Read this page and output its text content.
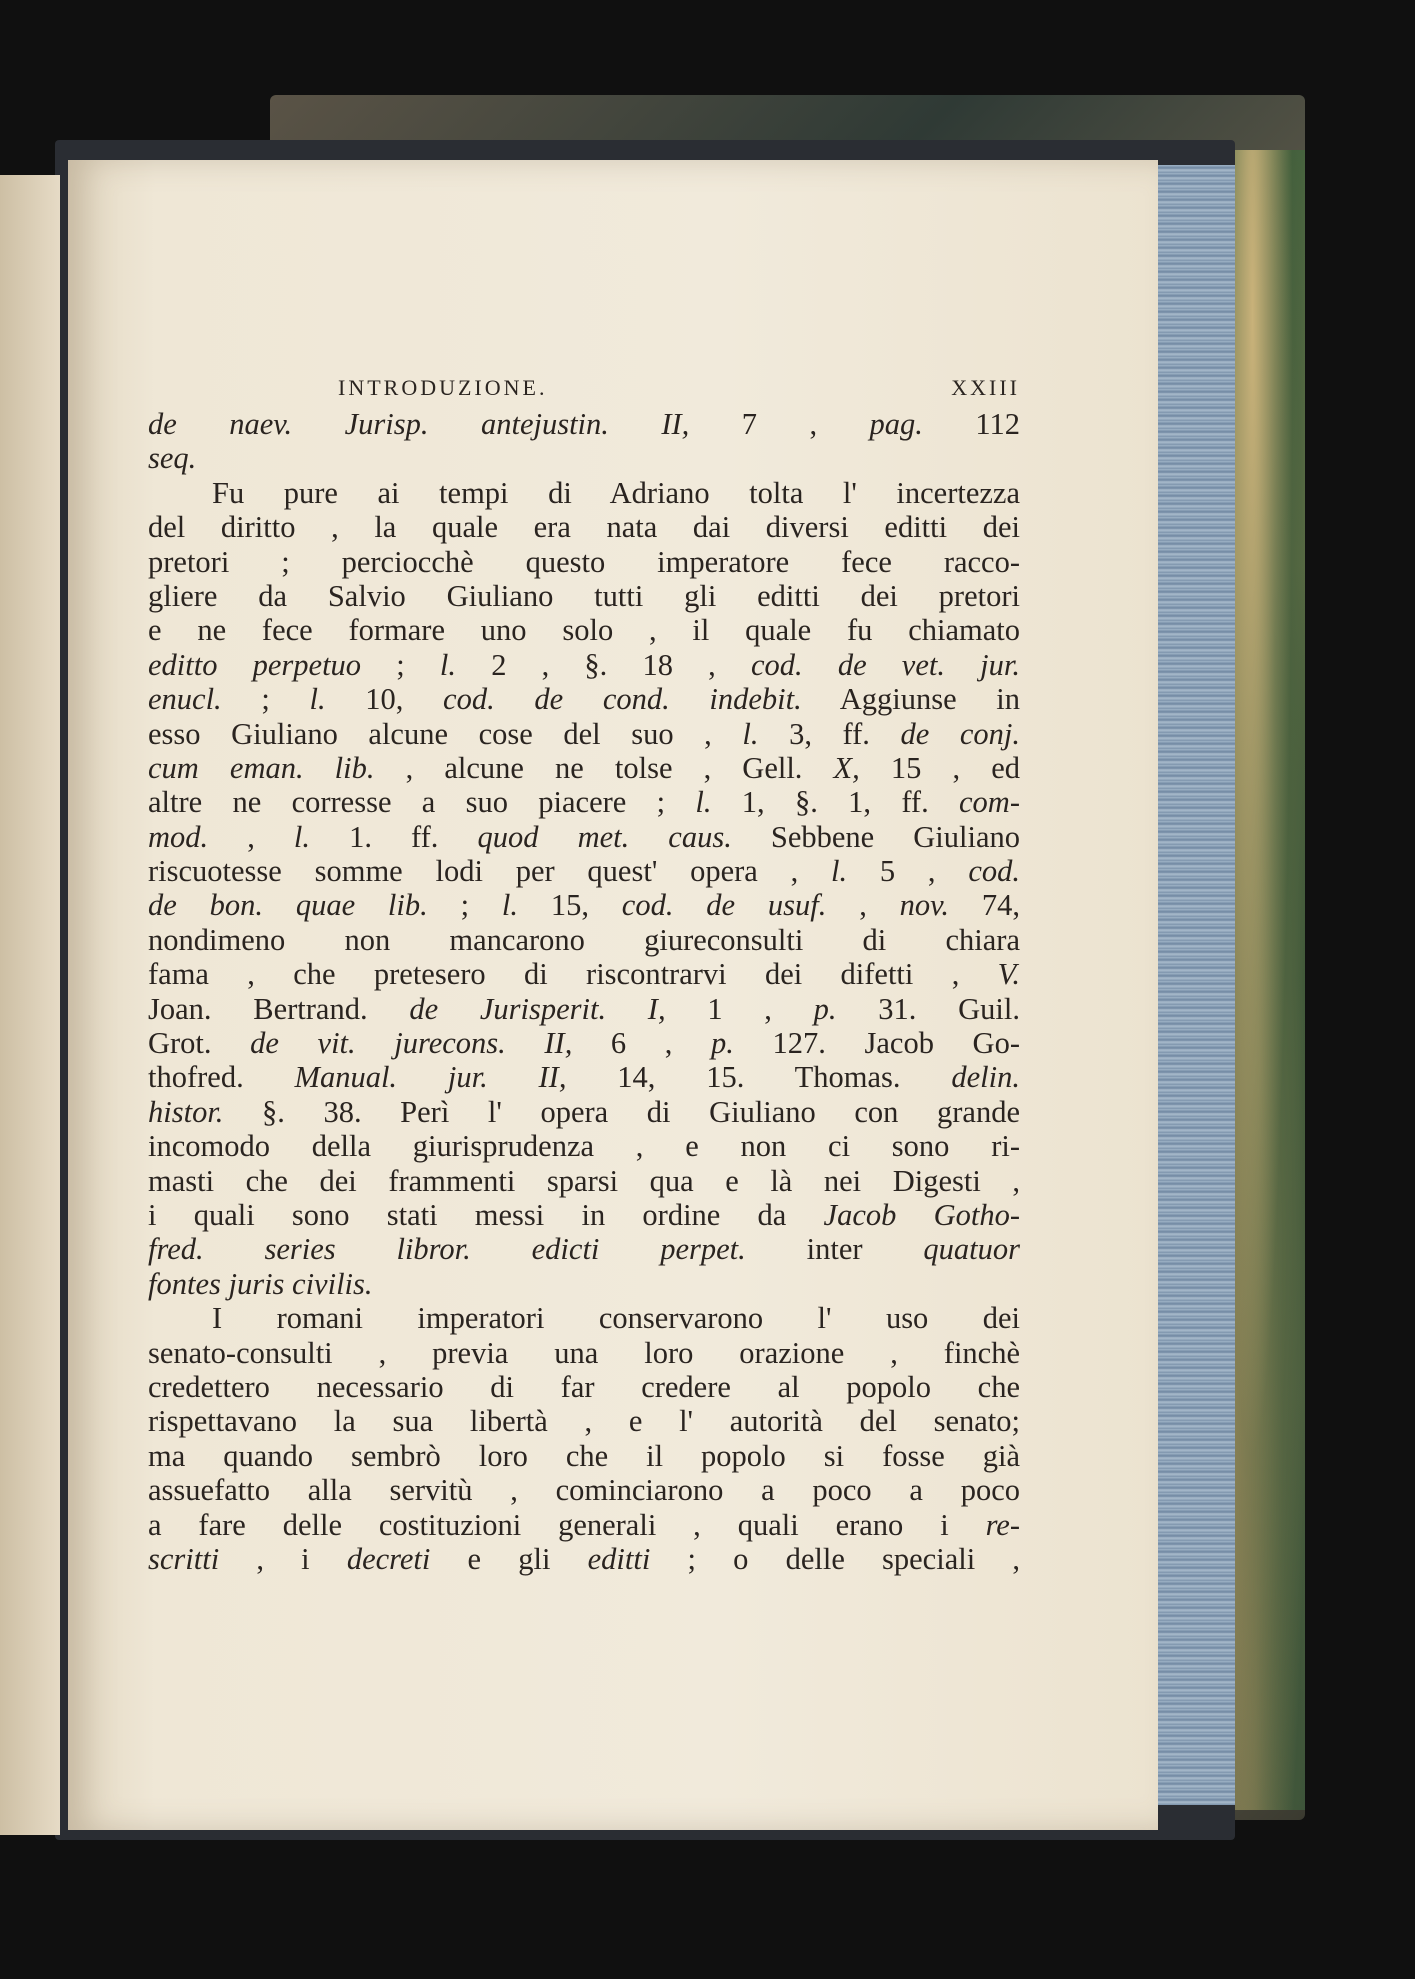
INTRODUZIONE.	XXIII
de naev. Jurisp. antejustin. II, 7 , pag. 112
seq.
Fu pure ai tempi di Adriano tolta l' incertezza
del diritto , la quale era nata dai diversi editti dei
pretori ; perciocchè questo imperatore fece racco-
gliere da Salvio Giuliano tutti gli editti dei pretori
e ne fece formare uno solo , il quale fu chiamato
editto perpetuo ; l. 2 , §. 18 , cod. de vet. jur.
enucl. ; l. 10, cod. de cond. indebit. Aggiunse in
esso Giuliano alcune cose del suo , l. 3, ff. de conj.
cum eman. lib. , alcune ne tolse , Gell. X, 15 , ed
altre ne corresse a suo piacere ; l. 1, §. 1, ff. com-
mod. , l. 1. ff. quod met. caus. Sebbene Giuliano
riscuotesse somme lodi per quest' opera , l. 5 , cod.
de bon. quae lib. ; l. 15, cod. de usuf. , nov. 74,
nondimeno non mancarono giureconsulti di chiara
fama , che pretesero di riscontrarvi dei difetti , V.
Joan. Bertrand. de Jurisperit. I, 1 , p. 31. Guil.
Grot. de vit. jurecons. II, 6 , p. 127. Jacob Go-
thofred. Manual. jur. II, 14, 15. Thomas. delin.
histor. §. 38. Perì l' opera di Giuliano con grande
incomodo della giurisprudenza , e non ci sono ri-
masti che dei frammenti sparsi qua e là nei Digesti ,
i quali sono stati messi in ordine da Jacob Gotho-
fred. series libror. edicti perpet. inter quatuor
fontes juris civilis.
I romani imperatori conservarono l' uso dei
senato-consulti , previa una loro orazione , finchè
credettero necessario di far credere al popolo che
rispettavano la sua libertà , e l' autorità del senato;
ma quando sembrò loro che il popolo si fosse già
assuefatto alla servitù , cominciarono a poco a poco
a fare delle costituzioni generali , quali erano i re-
scritti , i decreti e gli editti ; o delle speciali ,
